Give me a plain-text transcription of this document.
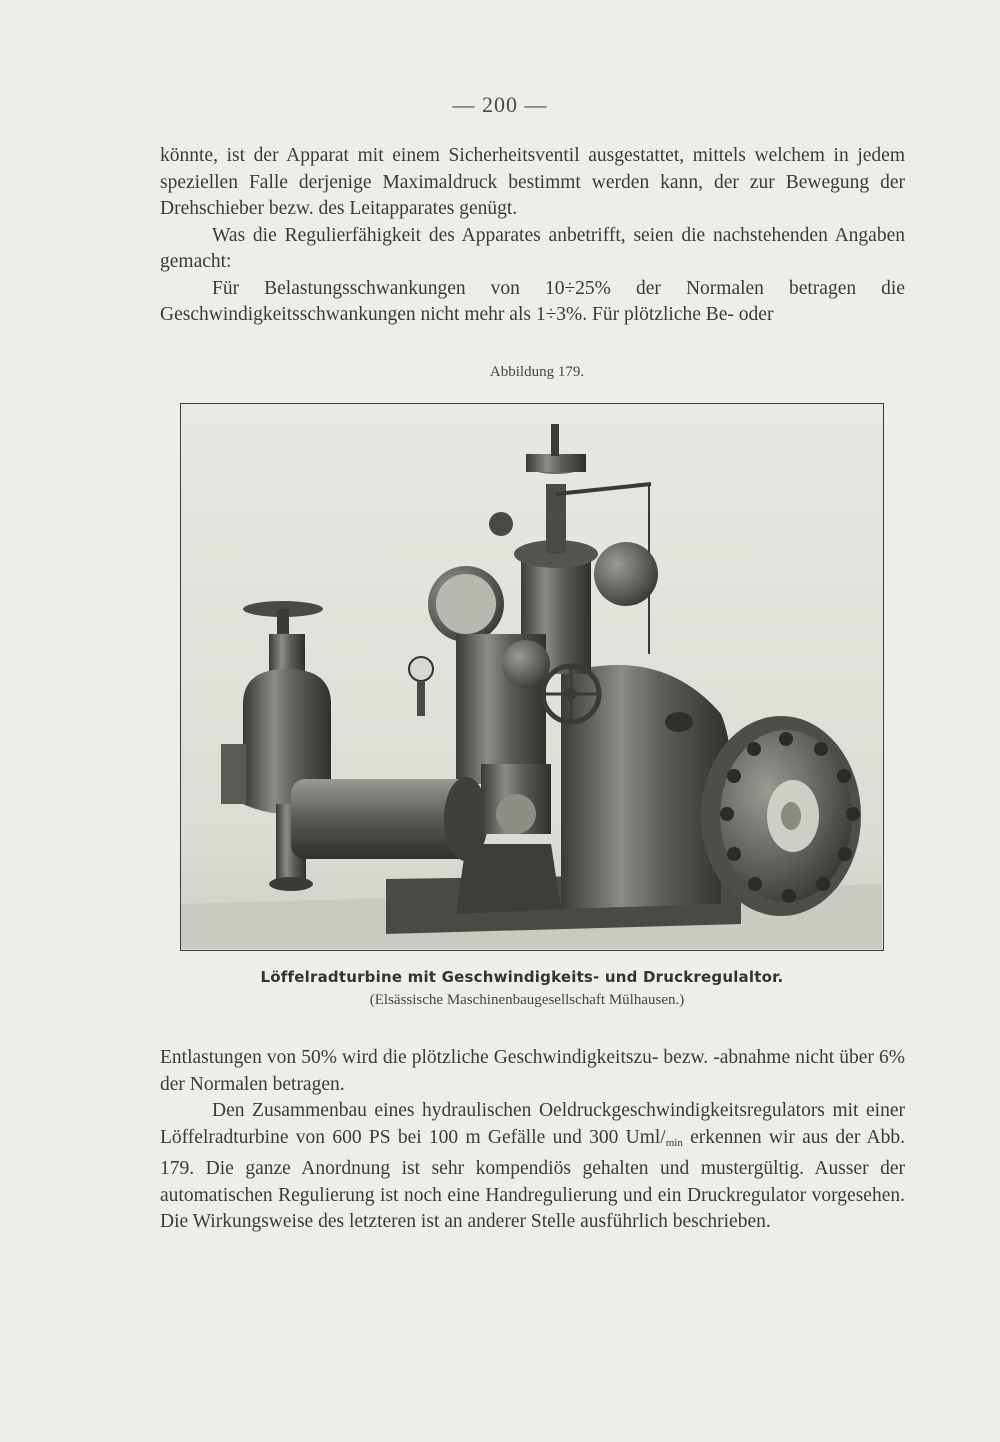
— 200 —

könnte, ist der Apparat mit einem Sicherheitsventil ausgestattet, mittels welchem in jedem speziellen Falle derjenige Maximaldruck bestimmt werden kann, der zur Bewegung der Drehschieber bezw. des Leitapparates genügt.

Was die Regulierfähigkeit des Apparates anbetrifft, seien die nachstehenden Angaben gemacht:

Für Belastungsschwankungen von 10÷25% der Normalen betragen die Geschwindigkeitsschwankungen nicht mehr als 1÷3%. Für plötzliche Be- oder

Abbildung 179.
Löffelradturbine mit Geschwindigkeits- und Druckregulaltor.
(Elsässische Maschinenbaugesellschaft Mülhausen.)

Entlastungen von 50% wird die plötzliche Geschwindigkeitszu- bezw. -abnahme nicht über 6% der Normalen betragen.

Den Zusammenbau eines hydraulischen Oeldruckgeschwindigkeitsregulators mit einer Löffelradturbine von 600 PS bei 100 m Gefälle und 300 Uml/$_{min}$ erkennen wir aus der Abb. 179. Die ganze Anordnung ist sehr kompendiös gehalten und mustergültig. Ausser der automatischen Regulierung ist noch eine Handregulierung und ein Druckregulator vorgesehen. Die Wirkungsweise des letzteren ist an anderer Stelle ausführlich beschrieben.
